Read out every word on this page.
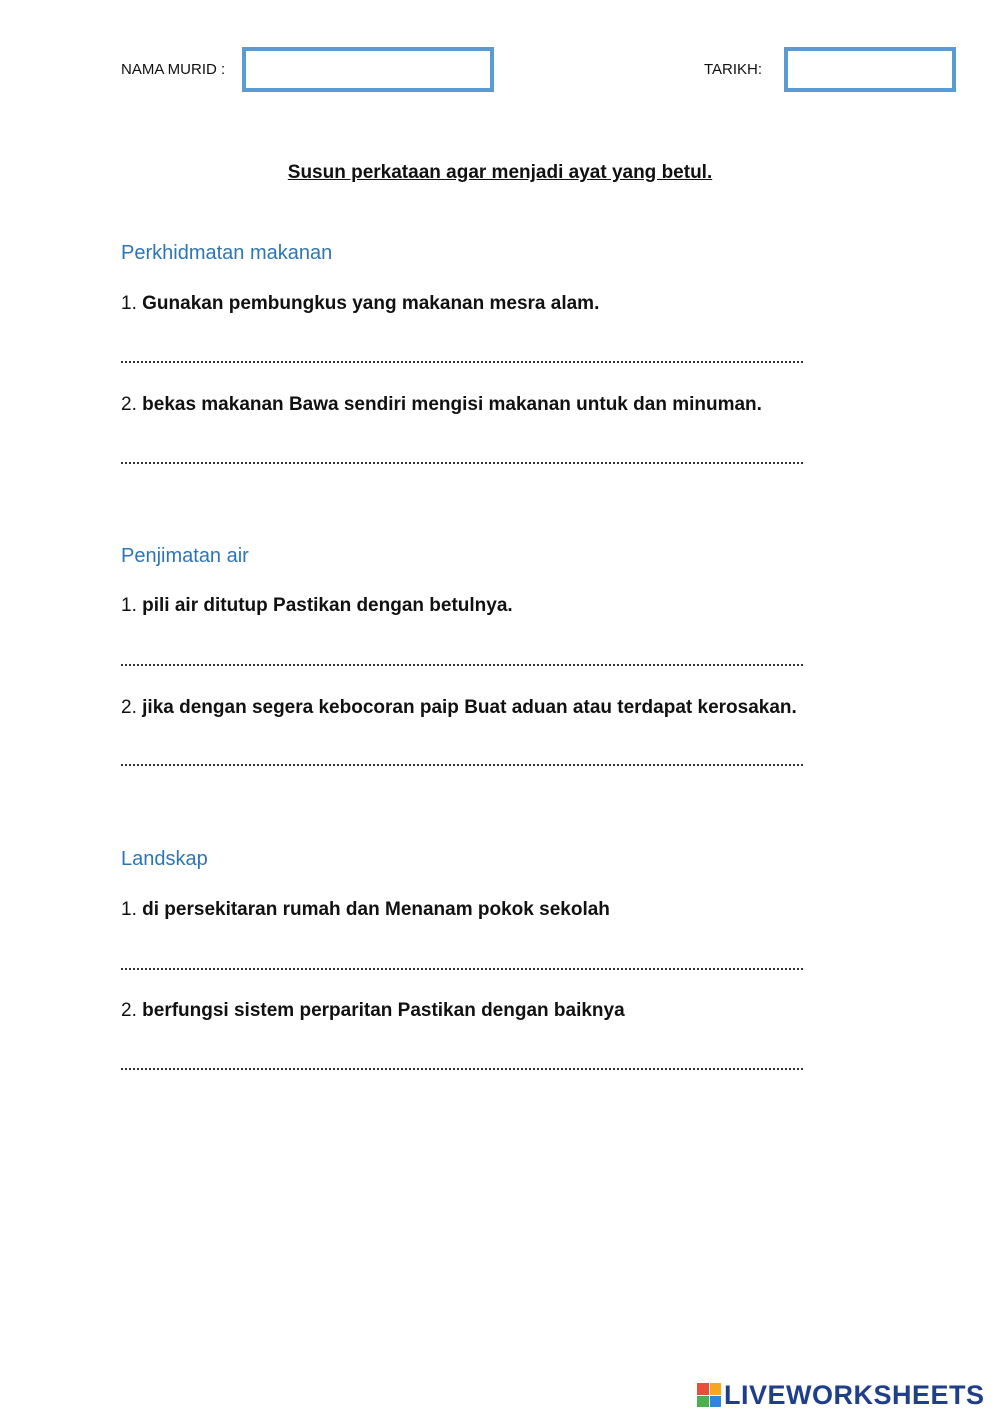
NAMA MURID :	TARIKH:
Susun perkataan agar menjadi ayat yang betul.
Perkhidmatan makanan
1. Gunakan pembungkus yang makanan mesra alam.
2. bekas makanan Bawa sendiri mengisi makanan untuk dan minuman.
Penjimatan air
1. pili air ditutup Pastikan dengan betulnya.
2. jika dengan segera kebocoran paip Buat aduan atau terdapat kerosakan.
Landskap
1. di persekitaran rumah dan Menanam pokok sekolah
2. berfungsi sistem perparitan Pastikan dengan baiknya
LIVEWORKSHEETS
